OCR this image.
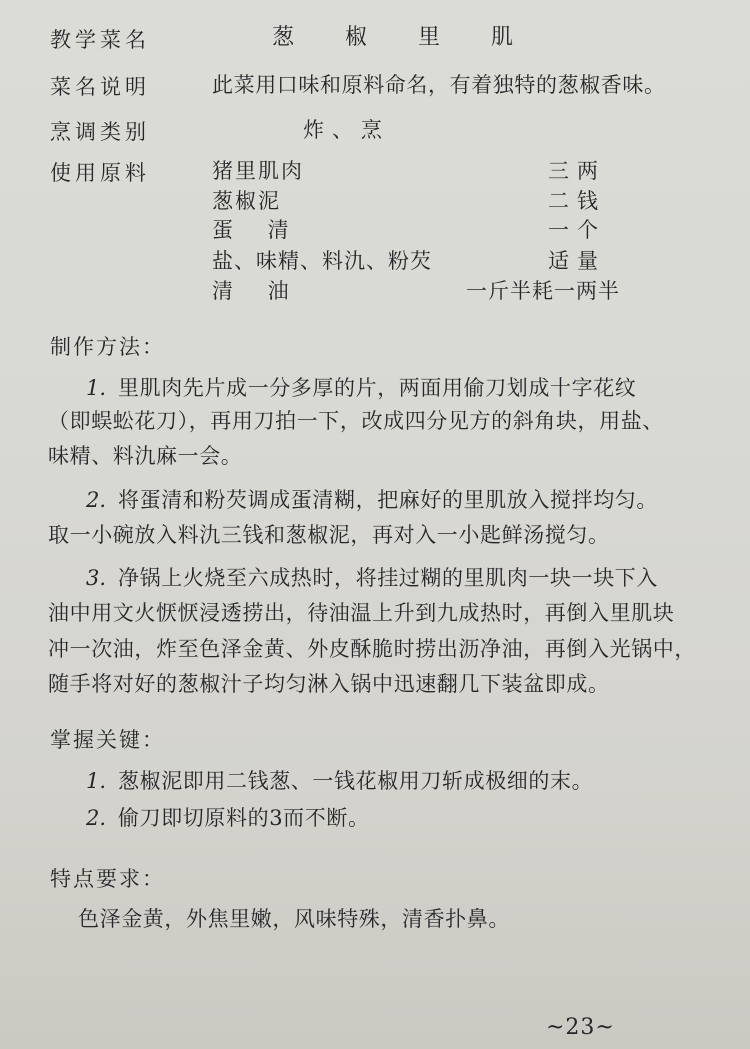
教学菜名	葱 椒 里 肌
菜名说明	此菜用口味和原料命名，有着独特的葱椒香味。
烹调类别	炸、烹
使用原料	猪里肌肉	三两
葱椒泥	二钱
蛋 清	一个
盐、味精、料氿、粉芡	适量
清 油	一斤半耗一两半
制作方法：
1. 里肌肉先片成一分多厚的片，两面用偷刀划成十字花纹
（即蜈蚣花刀），再用刀拍一下，改成四分见方的斜角块，用盐、
味精、料氿麻一会。
2. 将蛋清和粉芡调成蛋清糊，把麻好的里肌放入搅拌均匀。
取一小碗放入料氿三钱和葱椒泥，再对入一小匙鲜汤搅匀。
3. 净锅上火烧至六成热时，将挂过糊的里肌肉一块一块下入
油中用文火恹恹浸透捞出，待油温上升到九成热时，再倒入里肌块
冲一次油，炸至色泽金黄、外皮酥脆时捞出沥净油，再倒入光锅中，
随手将对好的葱椒汁子均匀淋入锅中迅速翻几下装盆即成。
掌握关键：
1. 葱椒泥即用二钱葱、一钱花椒用刀斩成极细的末。
2. 偷刀即切原料的3而不断。
特点要求：
色泽金黄，外焦里嫩，风味特殊，清香扑鼻。
~23~
